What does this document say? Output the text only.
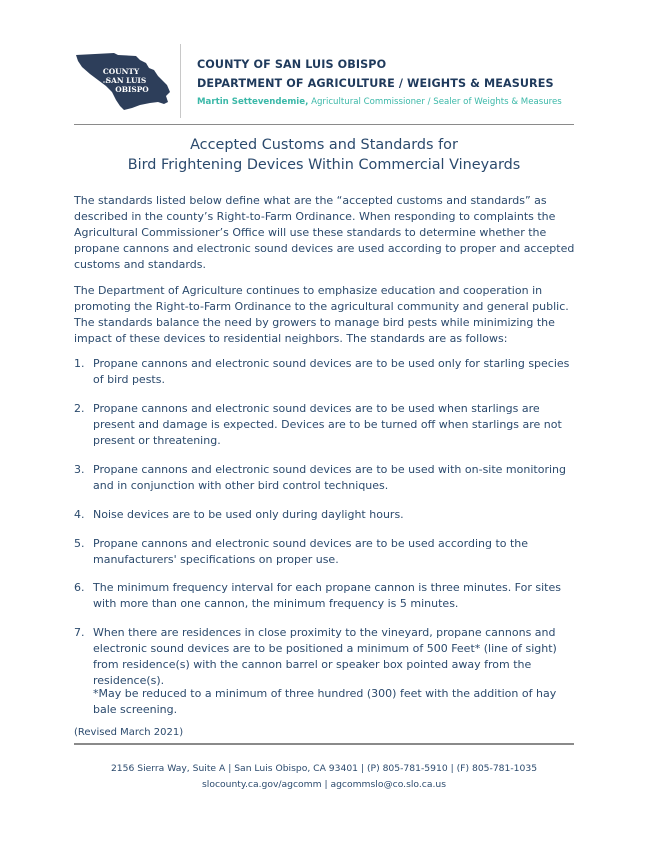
COUNTY
SAN LUIS
of
OBISPO
COUNTY OF SAN LUIS OBISPO
DEPARTMENT OF AGRICULTURE / WEIGHTS & MEASURES
Martin Settevendemie, Agricultural Commissioner / Sealer of Weights & Measures
Accepted Customs and Standards for
Bird Frightening Devices Within Commercial Vineyards

The standards listed below define what are the “accepted customs and standards” as described in the county’s Right-to-Farm Ordinance. When responding to complaints the Agricultural Commissioner’s Office will use these standards to determine whether the propane cannons and electronic sound devices are used according to proper and accepted customs and standards.

The Department of Agriculture continues to emphasize education and cooperation in promoting the Right-to-Farm Ordinance to the agricultural community and general public. The standards balance the need by growers to manage bird pests while minimizing the impact of these devices to residential neighbors. The standards are as follows:

1. Propane cannons and electronic sound devices are to be used only for starling species of bird pests.
2. Propane cannons and electronic sound devices are to be used when starlings are present and damage is expected. Devices are to be turned off when starlings are not present or threatening.
3. Propane cannons and electronic sound devices are to be used with on-site monitoring and in conjunction with other bird control techniques.
4. Noise devices are to be used only during daylight hours.
5. Propane cannons and electronic sound devices are to be used according to the manufacturers' specifications on proper use.
6. The minimum frequency interval for each propane cannon is three minutes. For sites with more than one cannon, the minimum frequency is 5 minutes.
7. When there are residences in close proximity to the vineyard, propane cannons and electronic sound devices are to be positioned a minimum of 500 Feet* (line of sight) from residence(s) with the cannon barrel or speaker box pointed away from the residence(s).

*May be reduced to a minimum of three hundred (300) feet with the addition of hay bale screening.

(Revised March 2021)

2156 Sierra Way, Suite A | San Luis Obispo, CA 93401 | (P) 805-781-5910 | (F) 805-781-1035
slocounty.ca.gov/agcomm | agcommslo@co.slo.ca.us
